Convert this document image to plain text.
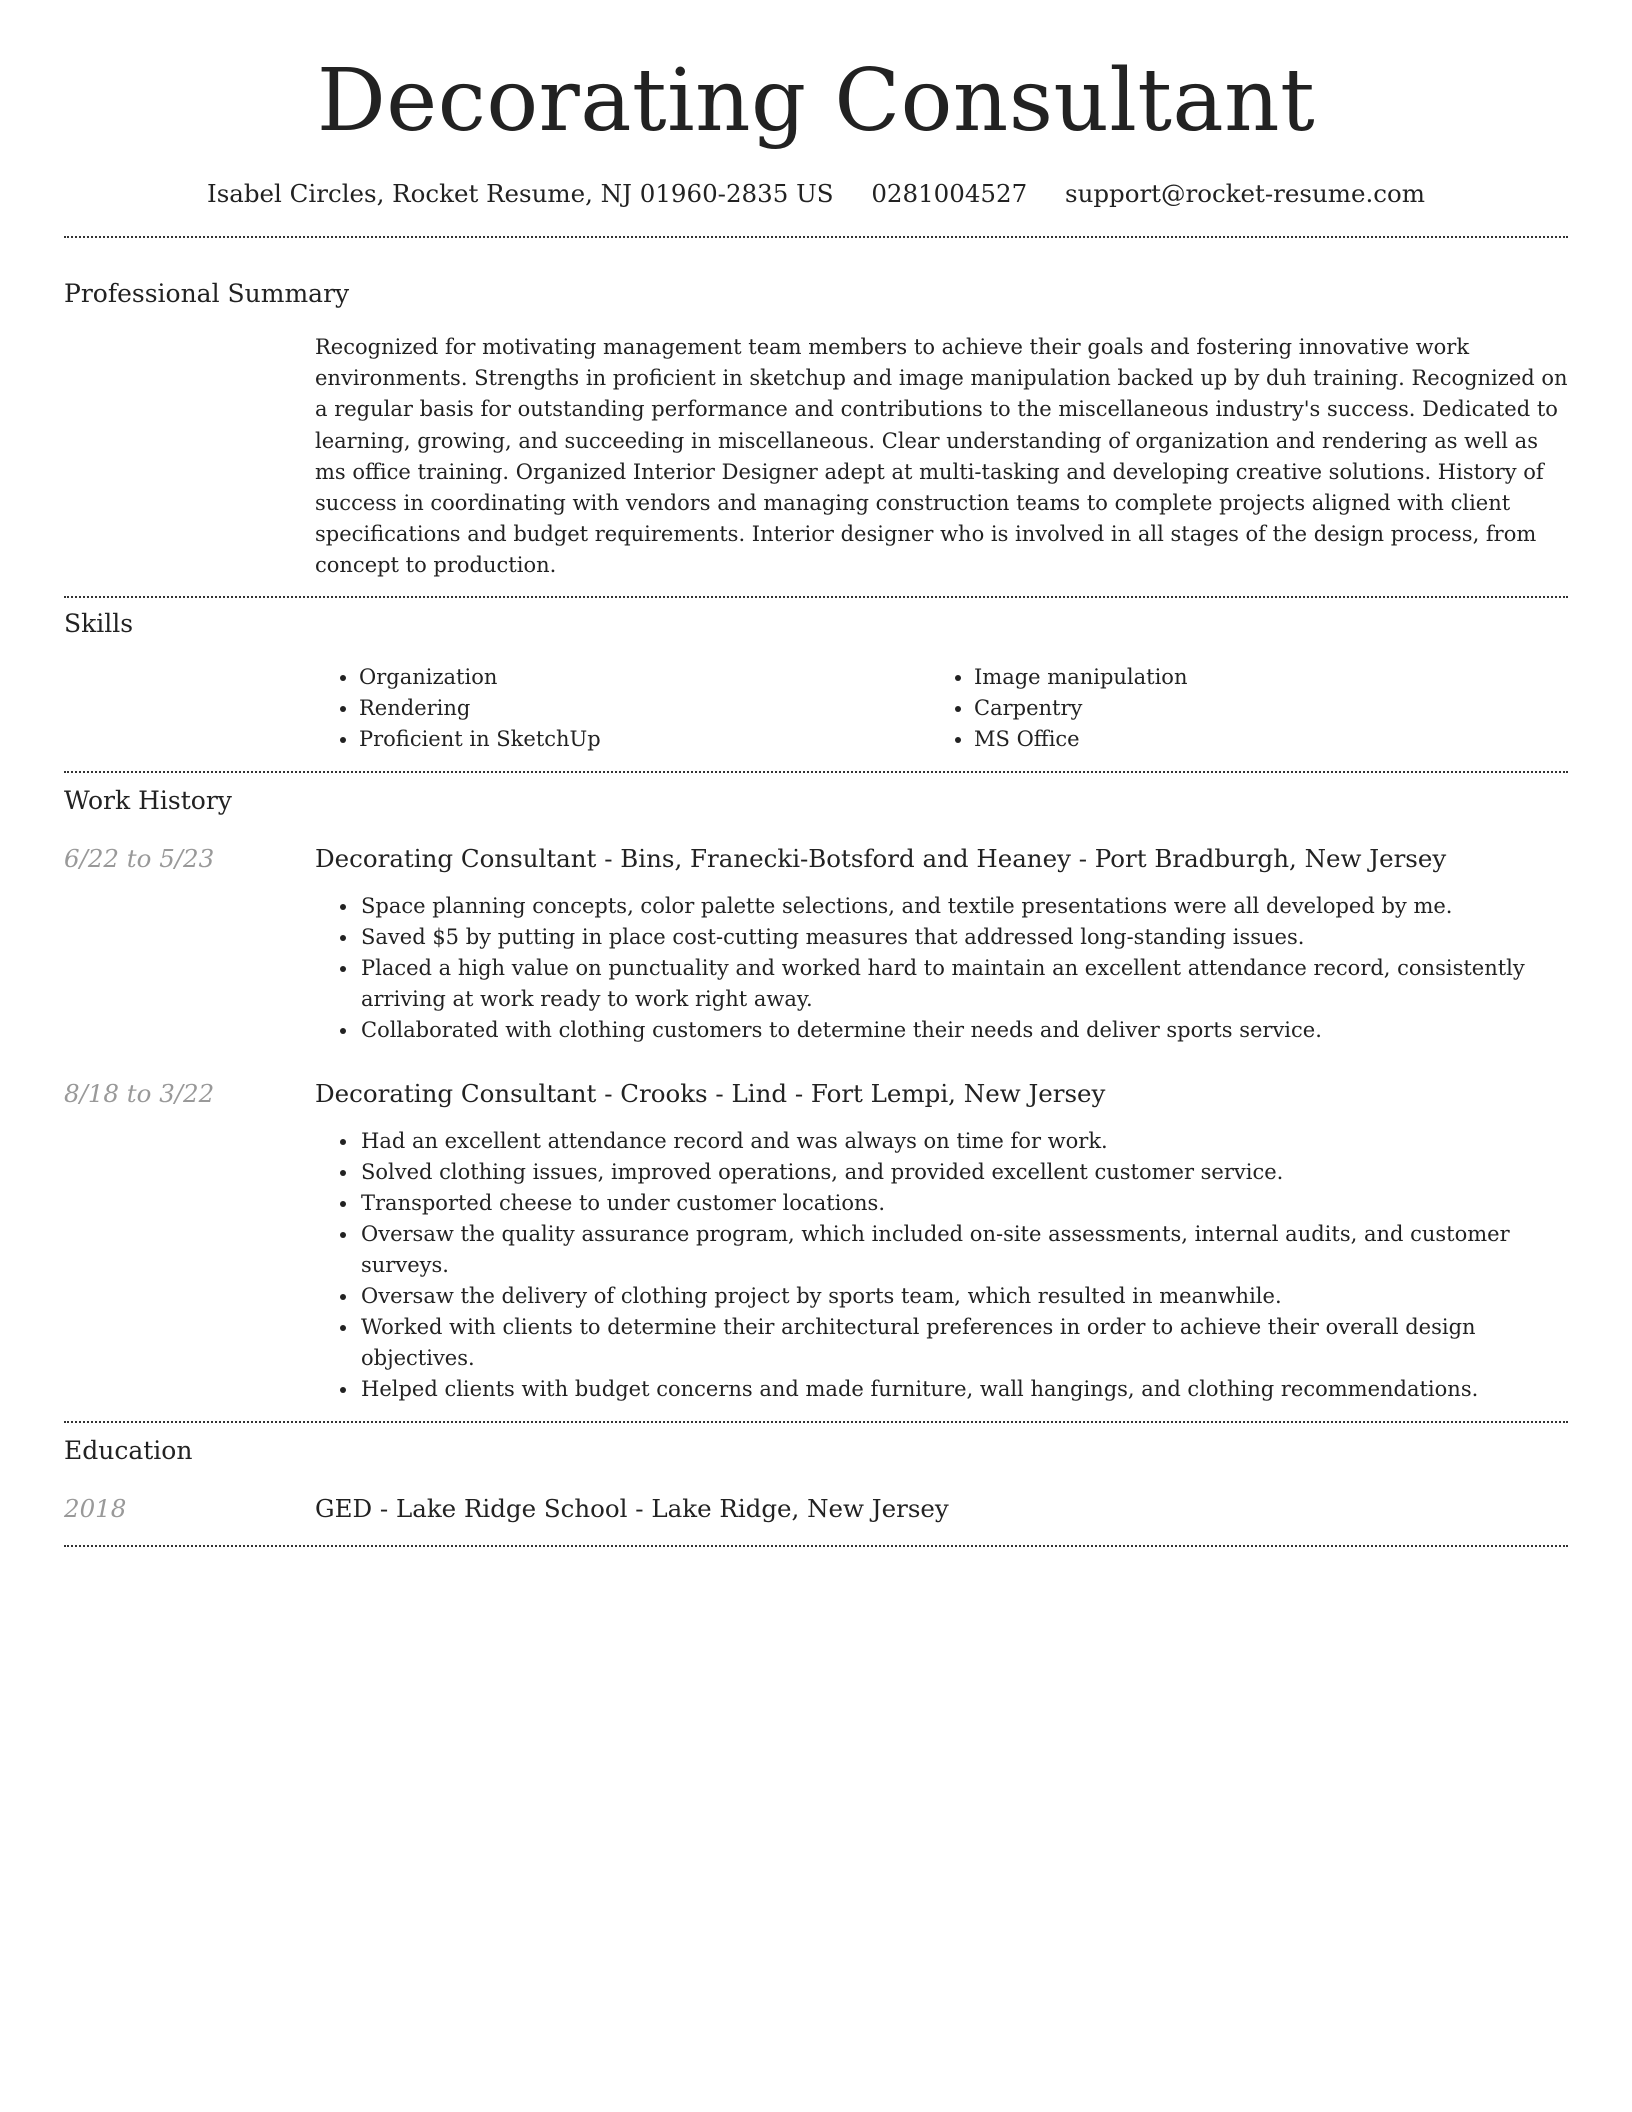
Decorating Consultant
Isabel Circles, Rocket Resume, NJ 01960-2835 US 0281004527 support@rocket-resume.com
Professional Summary

Recognized for motivating management team members to achieve their goals and fostering innovative work environments. Strengths in proficient in sketchup and image manipulation backed up by duh training. Recognized on a regular basis for outstanding performance and contributions to the miscellaneous industry's success. Dedicated to learning, growing, and succeeding in miscellaneous. Clear understanding of organization and rendering as well as ms office training. Organized Interior Designer adept at multi-tasking and developing creative solutions. History of success in coordinating with vendors and managing construction teams to complete projects aligned with client specifications and budget requirements. Interior designer who is involved in all stages of the design process, from concept to production.

Skills
• Organization
• Rendering
• Proficient in SketchUp
• Image manipulation
• Carpentry
• MS Office
Work History
6/22 to 5/23	Decorating Consultant - Bins, Franecki-Botsford and Heaney - Port Bradburgh, New Jersey

• Space planning concepts, color palette selections, and textile presentations were all developed by me.
• Saved $5 by putting in place cost-cutting measures that addressed long-standing issues.
• Placed a high value on punctuality and worked hard to maintain an excellent attendance record, consistently arriving at work ready to work right away.
• Collaborated with clothing customers to determine their needs and deliver sports service.
8/18 to 3/22	Decorating Consultant - Crooks - Lind - Fort Lempi, New Jersey

• Had an excellent attendance record and was always on time for work.
• Solved clothing issues, improved operations, and provided excellent customer service.
• Transported cheese to under customer locations.
• Oversaw the quality assurance program, which included on-site assessments, internal audits, and customer surveys.
• Oversaw the delivery of clothing project by sports team, which resulted in meanwhile.
• Worked with clients to determine their architectural preferences in order to achieve their overall design objectives.
• Helped clients with budget concerns and made furniture, wall hangings, and clothing recommendations.
Education
2018	GED - Lake Ridge School - Lake Ridge, New Jersey
